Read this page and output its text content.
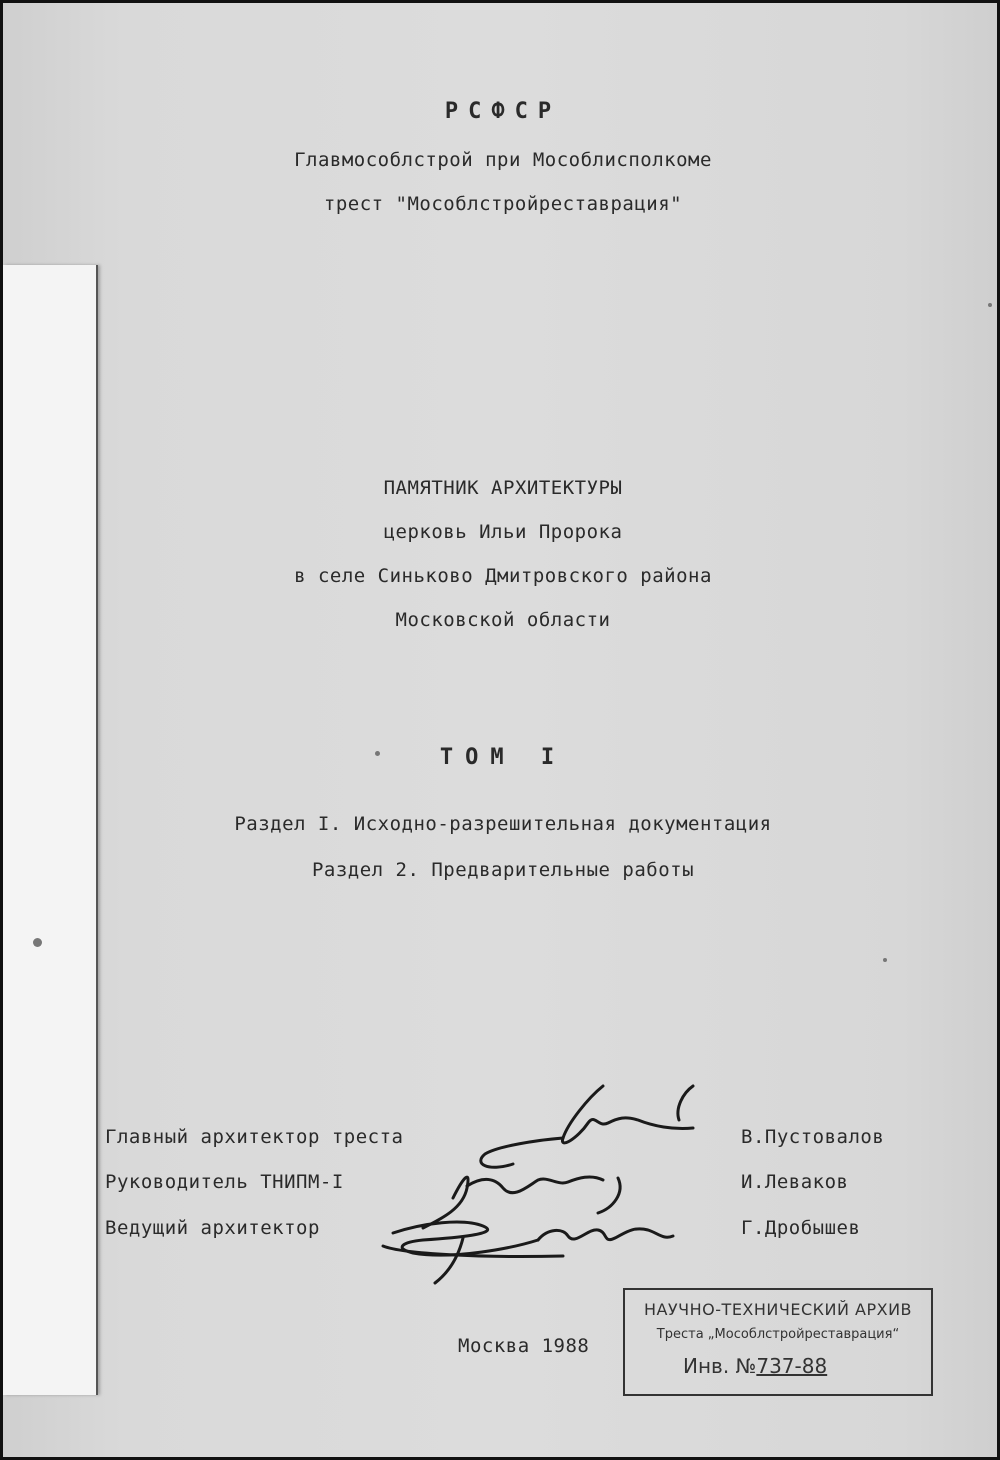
РСФСР
Главмособлстрой при Мособлисполкоме
трест "Мособлстройреставрация"
ПАМЯТНИК АРХИТЕКТУРЫ
церковь Ильи Пророка
в селе Синьково Дмитровского района
Московской области
ТОМ I
Раздел I. Исходно-разрешительная документация
Раздел 2. Предварительные работы
Главный архитектор треста
Руководитель ТНИПМ-I
Ведущий архитектор
В.Пустовалов
И.Леваков
Г.Дробышев
Москва 1988
НАУЧНО-ТЕХНИЧЕСКИЙ АРХИВ
Треста „Мособлстройреставрация“
Инв. №737-88
